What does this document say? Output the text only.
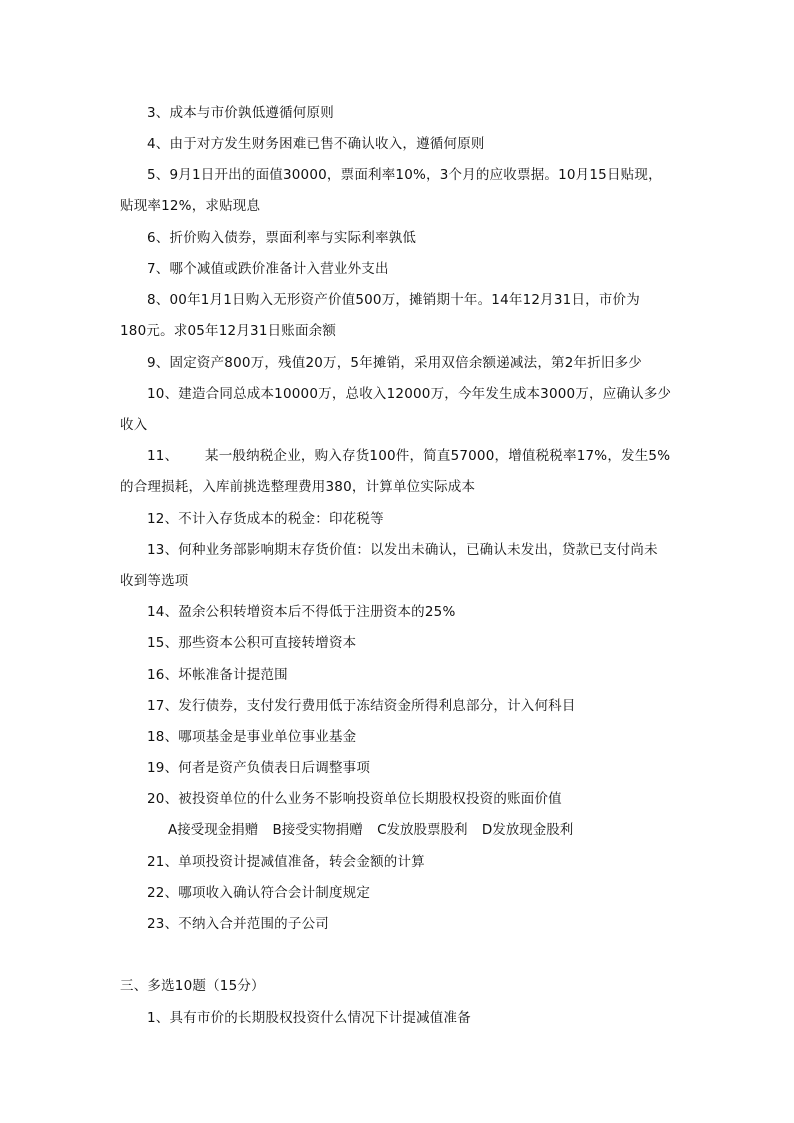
3、成本与市价孰低遵循何原则
4、由于对方发生财务困难已售不确认收入，遵循何原则
5、9月1日开出的面值30000，票面利率10%，3个月的应收票据。10月15日贴现，
贴现率12%，求贴现息
6、折价购入债券，票面利率与实际利率孰低
7、哪个减值或跌价准备计入营业外支出
8、00年1月1日购入无形资产价值500万，摊销期十年。14年12月31日，市价为
180元。求05年12月31日账面余额
9、固定资产800万，残值20万，5年摊销，采用双倍余额递减法，第2年折旧多少
10、建造合同总成本10000万，总收入12000万，今年发生成本3000万，应确认多少
收入
11、 某一般纳税企业，购入存货100件，简直57000，增值税税率17%，发生5%
的合理损耗，入库前挑选整理费用380，计算单位实际成本
12、不计入存货成本的税金：印花税等
13、何种业务部影响期末存货价值：以发出未确认，已确认未发出，贷款已支付尚未
收到等选项
14、盈余公积转增资本后不得低于注册资本的25%
15、那些资本公积可直接转增资本
16、坏帐准备计提范围
17、发行债券，支付发行费用低于冻结资金所得利息部分，计入何科目
18、哪项基金是事业单位事业基金
19、何者是资产负债表日后调整事项
20、被投资单位的什么业务不影响投资单位长期股权投资的账面价值
A接受现金捐赠 B接受实物捐赠 C发放股票股利 D发放现金股利
21、单项投资计提减值准备，转会金额的计算
22、哪项收入确认符合会计制度规定
23、不纳入合并范围的子公司
三、多选10题（15分）
1、具有市价的长期股权投资什么情况下计提减值准备
